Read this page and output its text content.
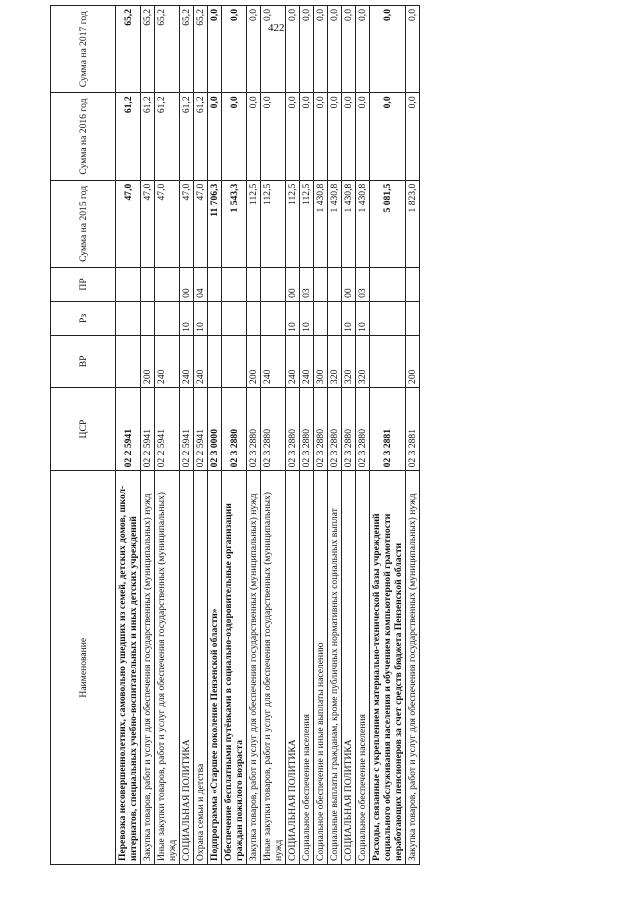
422
Наименование	ЦСР	ВР	Рз	ПР	Сумма на 2015 год	Сумма на 2016 год	Сумма на 2017 год
Перевозка несовершеннолетних, самовольно ушедших из семей, детских домов, школ-интернатов, специальных учебно-воспитательных и иных детских учреждений	02 2 5941				47,0	61,2	65,2
Закупка товаров, работ и услуг для обеспечения государственных (муниципальных) нужд	02 2 5941	200			47,0	61,2	65,2
Иные закупки товаров, работ и услуг для обеспечения государственных (муниципальных) нужд	02 2 5941	240			47,0	61,2	65,2
СОЦИАЛЬНАЯ ПОЛИТИКА	02 2 5941	240	10	00	47,0	61,2	65,2
Охрана семьи и детства	02 2 5941	240	10	04	47,0	61,2	65,2
Подпрограмма «Старшее поколение Пензенской области»	02 3 0000				11 706,3	0,0	0,0
Обеспечение бесплатными путёвками в социально-оздоровительные организации граждан пожилого возраста	02 3 2880				1 543,3	0,0	0,0
Закупка товаров, работ и услуг для обеспечения государственных (муниципальных) нужд	02 3 2880	200			112,5	0,0	0,0
Иные закупки товаров, работ и услуг для обеспечения государственных (муниципальных) нужд	02 3 2880	240			112,5	0,0	0,0
СОЦИАЛЬНАЯ ПОЛИТИКА	02 3 2880	240	10	00	112,5	0,0	0,0
Социальное обеспечение населения	02 3 2880	240	10	03	112,5	0,0	0,0
Социальное обеспечение и иные выплаты населению	02 3 2880	300			1 430,8	0,0	0,0
Социальные выплаты гражданам, кроме публичных нормативных социальных выплат	02 3 2880	320			1 430,8	0,0	0,0
СОЦИАЛЬНАЯ ПОЛИТИКА	02 3 2880	320	10	00	1 430,8	0,0	0,0
Социальное обеспечение населения	02 3 2880	320	10	03	1 430,8	0,0	0,0
Расходы, связанные с укреплением материально-технической базы учреждений социального обслуживания населения и обучением компьютерной грамотности неработающих пенсионеров за счет средств бюджета Пензенской области	02 3 2881				5 081,5	0,0	0,0
Закупка товаров, работ и услуг для обеспечения государственных (муниципальных) нужд	02 3 2881	200			1 823,0	0,0	0,0
